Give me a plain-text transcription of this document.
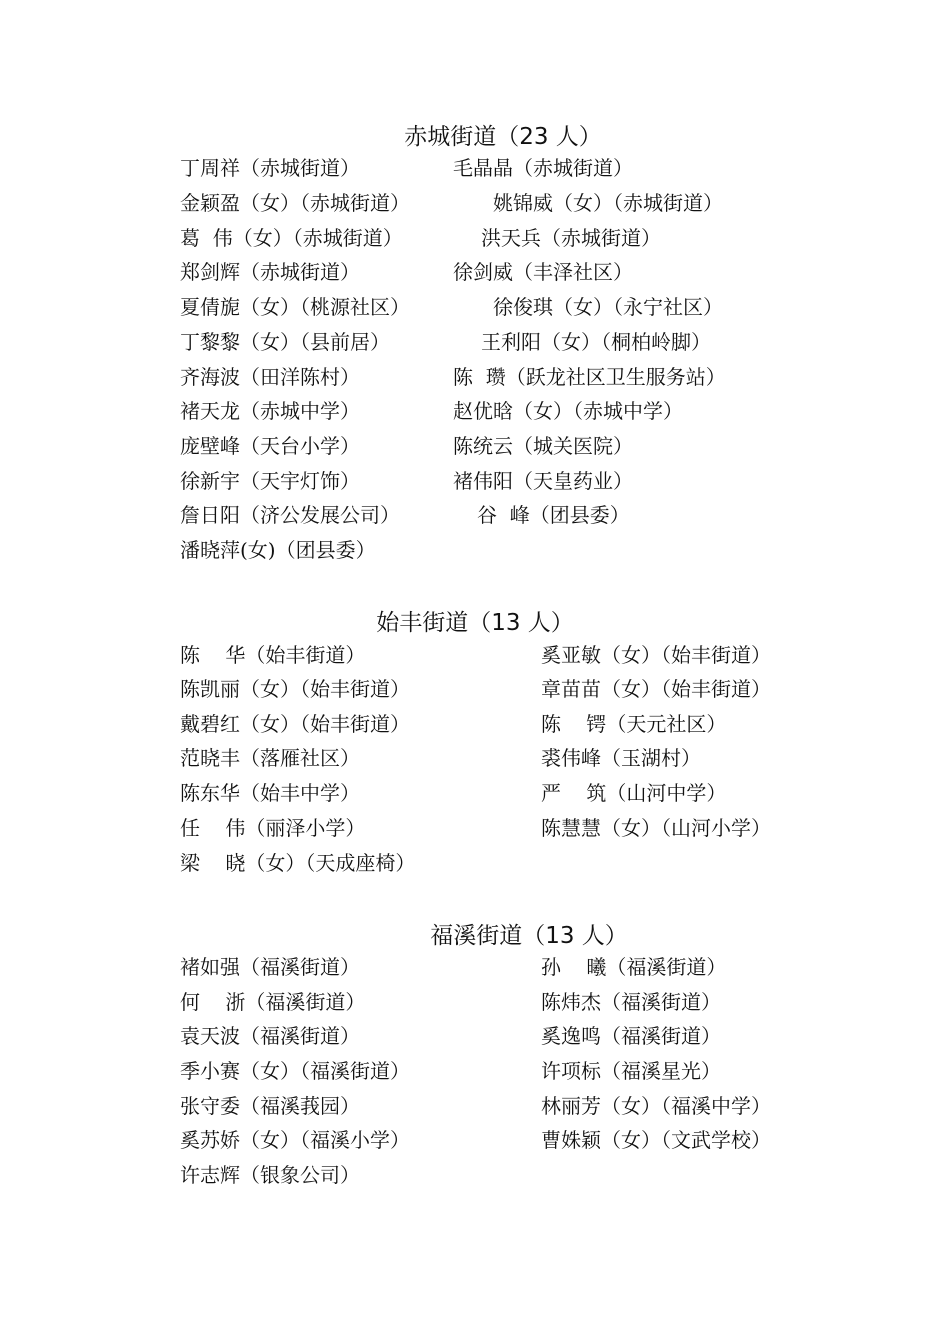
赤城街道（23 人）
丁周祥（赤城街道）	毛晶晶（赤城街道）
金颖盈（女）（赤城街道）	姚锦威（女）（赤城街道）
葛  伟（女）（赤城街道）	洪天兵（赤城街道）
郑剑辉（赤城街道）	徐剑威（丰泽社区）
夏倩旎（女）（桃源社区）	徐俊琪（女）（永宁社区）
丁黎黎（女）（县前居）	王利阳（女）（桐柏岭脚）
齐海波（田洋陈村）	陈  瓒（跃龙社区卫生服务站）
褚天龙（赤城中学）	赵优晗（女）（赤城中学）
庞壁峰（天台小学）	陈统云（城关医院）
徐新宇（天宇灯饰）	褚伟阳（天皇药业）
詹日阳（济公发展公司）	谷  峰（团县委）
潘晓萍(女)（团县委）
始丰街道（13 人）
陈    华（始丰街道）	奚亚敏（女）（始丰街道）
陈凯丽（女）（始丰街道）	章苗苗（女）（始丰街道）
戴碧红（女）（始丰街道）	陈    锷（天元社区）
范晓丰（落雁社区）	裘伟峰（玉湖村）
陈东华（始丰中学）	严    筑（山河中学）
任    伟（丽泽小学）	陈慧慧（女）（山河小学）
梁    晓（女）（天成座椅）
福溪街道（13 人）
褚如强（福溪街道）	孙    曦（福溪街道）
何    浙（福溪街道）	陈炜杰（福溪街道）
袁天波（福溪街道）	奚逸鸣（福溪街道）
季小赛（女）（福溪街道）	许项标（福溪星光）
张守委（福溪莪园）	林丽芳（女）（福溪中学）
奚苏娇（女）（福溪小学）	曹姝颖（女）（文武学校）
许志辉（银象公司）
